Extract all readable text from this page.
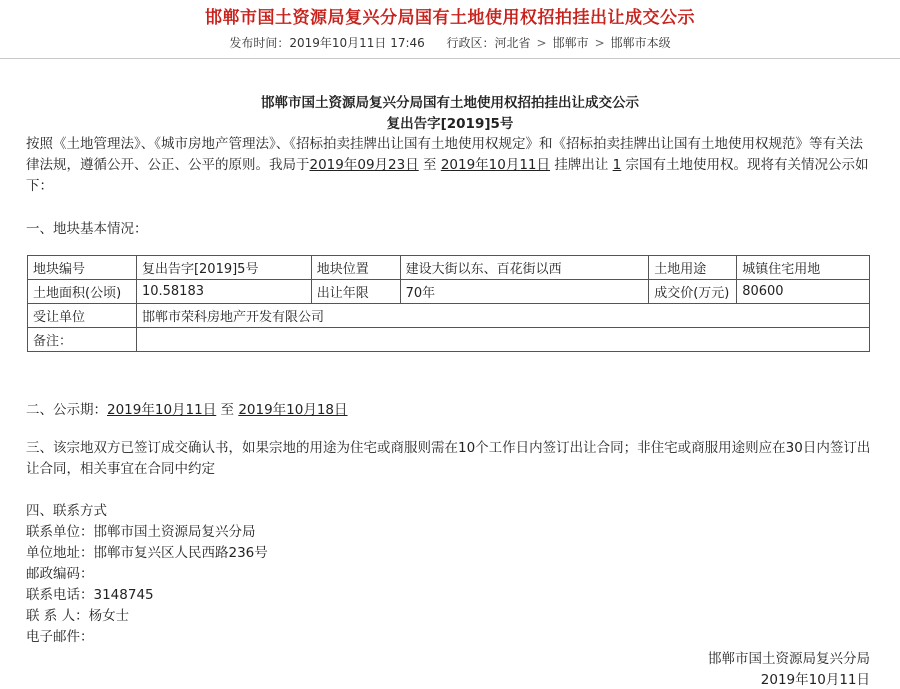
邯郸市国土资源局复兴分局国有土地使用权招拍挂出让成交公示
发布时间：2019年10月11日 17:46 行政区：河北省 > 邯郸市 > 邯郸市本级
邯郸市国土资源局复兴分局国有土地使用权招拍挂出让成交公示
复出告字[2019]5号
按照《土地管理法》、《城市房地产管理法》、《招标拍卖挂牌出让国有土地使用权规定》和《招标拍卖挂牌出让国有土地使用权规范》等有关法律法规，遵循公开、公正、公平的原则。我局于2019年09月23日 至 2019年10月11日 挂牌出让 1 宗国有土地使用权。现将有关情况公示如下：
一、地块基本情况：
地块编号	复出告字[2019]5号	地块位置	建设大街以东、百花街以西	土地用途	城镇住宅用地
土地面积(公顷)	10.58183	出让年限	70年	成交价(万元)	80600
受让单位	邯郸市荣科房地产开发有限公司				
备注：					
二、公示期：2019年10月11日 至 2019年10月18日
三、该宗地双方已签订成交确认书，如果宗地的用途为住宅或商服则需在10个工作日内签订出让合同；非住宅或商服用途则应在30日内签订出让合同，相关事宜在合同中约定
四、联系方式
联系单位：邯郸市国土资源局复兴分局
单位地址：邯郸市复兴区人民西路236号
邮政编码：
联系电话：3148745
联 系 人：杨女士
电子邮件：
邯郸市国土资源局复兴分局
2019年10月11日
